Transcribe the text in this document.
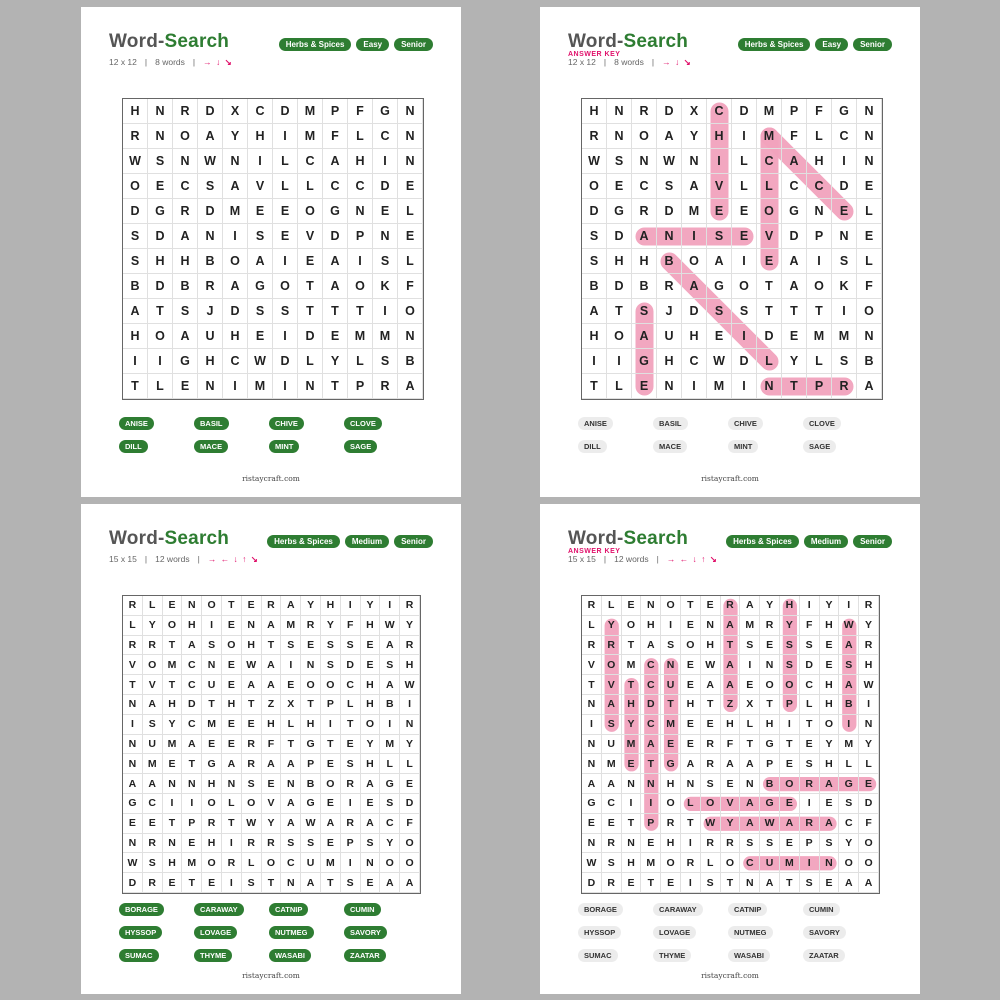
Word-Search
12 x 12 | 8 words | → ↓ ↘
Herbs & Spices	Easy	Senior
H	N	R	D	X	C	D	M	P	F	G	N
R	N	O	A	Y	H	I	M	F	L	C	N
W	S	N	W	N	I	L	C	A	H	I	N
O	E	C	S	A	V	L	L	C	C	D	E
D	G	R	D	M	E	E	O	G	N	E	L
S	D	A	N	I	S	E	V	D	P	N	E
S	H	H	B	O	A	I	E	A	I	S	L
B	D	B	R	A	G	O	T	A	O	K	F
A	T	S	J	D	S	S	T	T	T	I	O
H	O	A	U	H	E	I	D	E	M	M	N
I	I	G	H	C	W	D	L	Y	L	S	B
T	L	E	N	I	M	I	N	T	P	R	A
ANISE	BASIL	CHIVE	CLOVE
DILL	MACE	MINT	SAGE
ristaycraft.com
Word-Search
ANSWER KEY
12 x 12 | 8 words | → ↓ ↘
Herbs & Spices	Easy	Senior
H	N	R	D	X	C	D	M	P	F	G	N
R	N	O	A	Y	H	I	M	F	L	C	N
W	S	N	W	N	I	L	C	A	H	I	N
O	E	C	S	A	V	L	L	C	C	D	E
D	G	R	D	M	E	E	O	G	N	E	L
S	D	A	N	I	S	E	V	D	P	N	E
S	H	H	B	O	A	I	E	A	I	S	L
B	D	B	R	A	G	O	T	A	O	K	F
A	T	S	J	D	S	S	T	T	T	I	O
H	O	A	U	H	E	I	D	E	M	M	N
I	I	G	H	C	W	D	L	Y	L	S	B
T	L	E	N	I	M	I	N	T	P	R	A
ANISE	BASIL	CHIVE	CLOVE
DILL	MACE	MINT	SAGE
ristaycraft.com
Word-Search
15 x 15 | 12 words | → ← ↓ ↑ ↘
Herbs & Spices	Medium	Senior
R	L	E	N	O	T	E	R	A	Y	H	I	Y	I	R
L	Y	O	H	I	E	N	A	M	R	Y	F	H	W	Y
R	R	T	A	S	O	H	T	S	E	S	S	E	A	R
V	O	M	C	N	E	W	A	I	N	S	D	E	S	H
T	V	T	C	U	E	A	A	E	O	O	C	H	A	W
N	A	H	D	T	H	T	Z	X	T	P	L	H	B	I
I	S	Y	C	M	E	E	H	L	H	I	T	O	I	N
N	U	M	A	E	E	R	F	T	G	T	E	Y	M	Y
N	M	E	T	G	A	R	A	A	P	E	S	H	L	L
A	A	N	N	H	N	S	E	N	B	O	R	A	G	E
G	C	I	I	O	L	O	V	A	G	E	I	E	S	D
E	E	T	P	R	T	W	Y	A	W	A	R	A	C	F
N	R	N	E	H	I	R	R	S	S	E	P	S	Y	O
W	S	H	M	O	R	L	O	C	U	M	I	N	O	O
D	R	E	T	E	I	S	T	N	A	T	S	E	A	A
BORAGE	CARAWAY	CATNIP	CUMIN
HYSSOP	LOVAGE	NUTMEG	SAVORY
SUMAC	THYME	WASABI	ZAATAR
ristaycraft.com
Word-Search
ANSWER KEY
15 x 15 | 12 words | → ← ↓ ↑ ↘
Herbs & Spices	Medium	Senior
R	L	E	N	O	T	E	R	A	Y	H	I	Y	I	R
L	Y	O	H	I	E	N	A	M	R	Y	F	H	W	Y
R	R	T	A	S	O	H	T	S	E	S	S	E	A	R
V	O	M	C	N	E	W	A	I	N	S	D	E	S	H
T	V	T	C	U	E	A	A	E	O	O	C	H	A	W
N	A	H	D	T	H	T	Z	X	T	P	L	H	B	I
I	S	Y	C	M	E	E	H	L	H	I	T	O	I	N
N	U	M	A	E	E	R	F	T	G	T	E	Y	M	Y
N	M	E	T	G	A	R	A	A	P	E	S	H	L	L
A	A	N	N	H	N	S	E	N	B	O	R	A	G	E
G	C	I	I	O	L	O	V	A	G	E	I	E	S	D
E	E	T	P	R	T	W	Y	A	W	A	R	A	C	F
N	R	N	E	H	I	R	R	S	S	E	P	S	Y	O
W	S	H	M	O	R	L	O	C	U	M	I	N	O	O
D	R	E	T	E	I	S	T	N	A	T	S	E	A	A
BORAGE	CARAWAY	CATNIP	CUMIN
HYSSOP	LOVAGE	NUTMEG	SAVORY
SUMAC	THYME	WASABI	ZAATAR
ristaycraft.com
